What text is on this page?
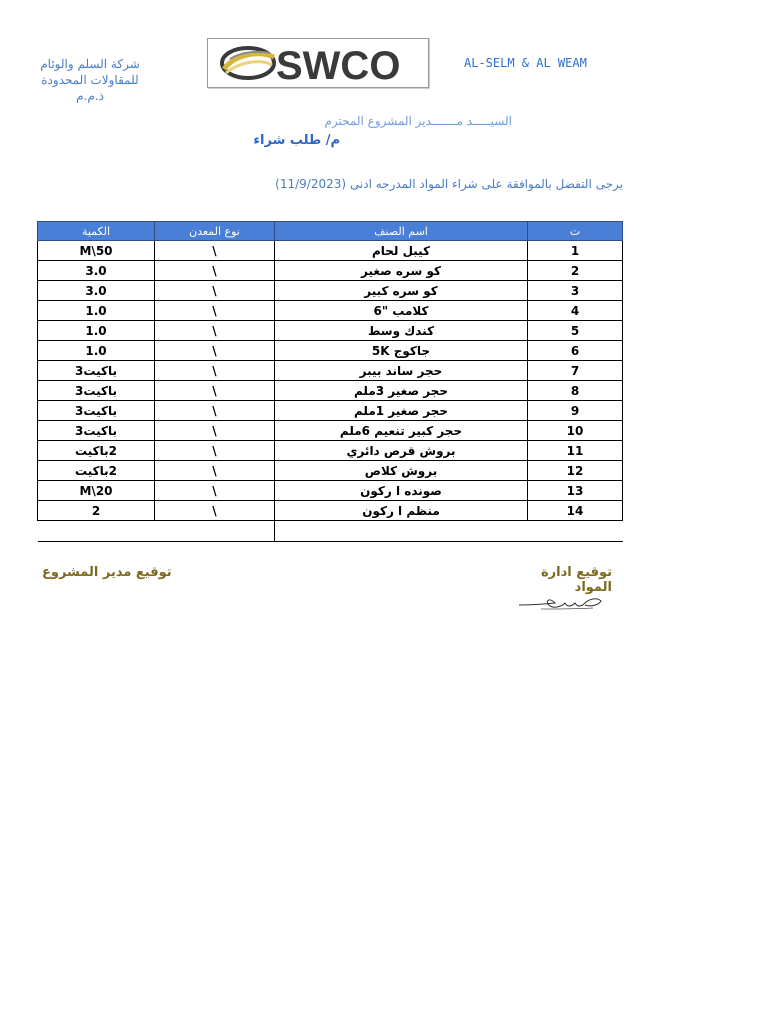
شركة السلم والوئام
للمقاولات المحدودة
ذ.م.م
SWCO	AL-SELM & AL WEAM
السيـــــد مـــــــدير المشروع المحترم
م/ طلب شراء
يرجى التفضل بالموافقة على شراء المواد المدرجه ادنى (11/9/2023)
ت	اسم الصنف	نوع المعدن	الكمية
1	كيبل لحام	\	50\M
2	كو سره صغير	\	3.0
3	كو سره كبير	\	3.0
4	كلامب "6	\	1.0
5	كندك وسط	\	1.0
6	جاكوج 5K	\	1.0
7	حجر ساند بيبر	\	باكيت3
8	حجر صغير 3ملم	\	باكيت3
9	حجر صغير 1ملم	\	باكيت3
10	حجر كبير تنعيم 6ملم	\	باكيت3
11	بروش قرص دائري	\	2باكيت
12	بروش كلاص	\	2باكيت
13	صونده ا ركون	\	20\M
14	منظم ا ركون	\	2

توقيع مدير المشروع	توقيع ادارة المواد
